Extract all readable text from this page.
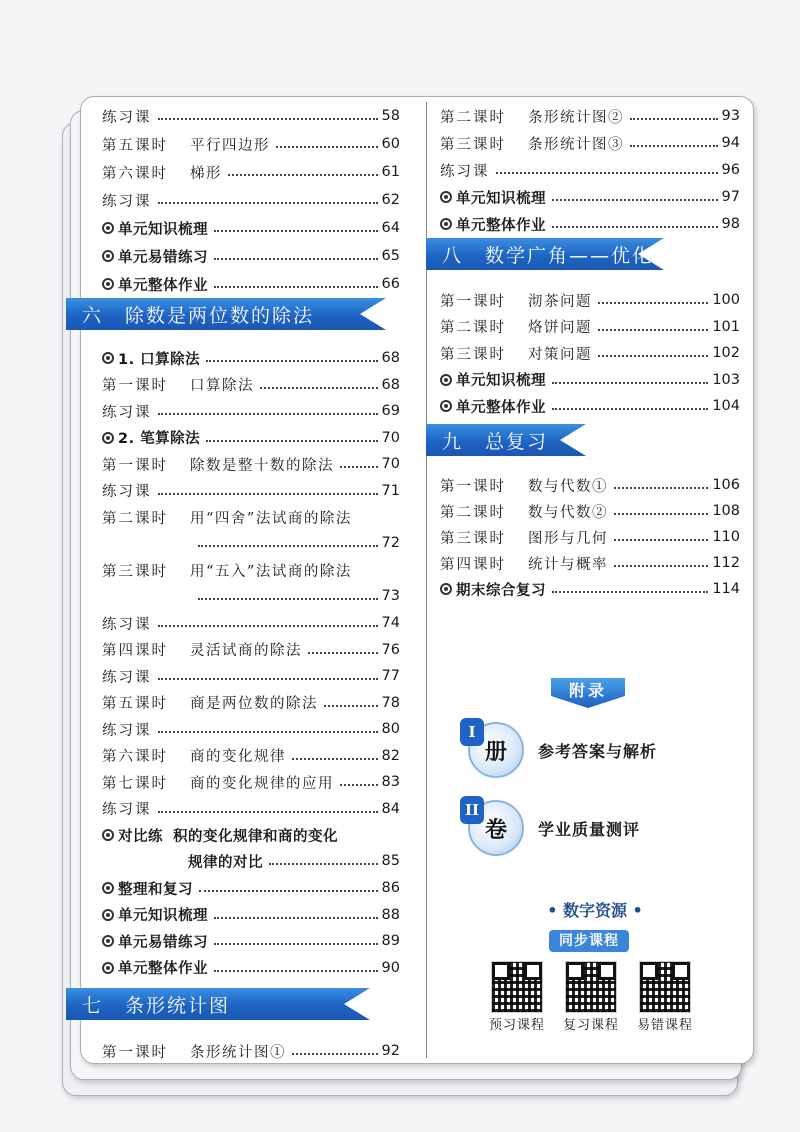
练习课	58
第五课时 平行四边形	60
第六课时 梯形	61
练习课	62
单元知识梳理	64
单元易错练习	65
单元整体作业	66
六 除数是两位数的除法
1. 口算除法	68
第一课时 口算除法	68
练习课	69
2. 笔算除法	70
第一课时 除数是整十数的除法	70
练习课	71
第二课时 用“四舍”法试商的除法
72
第三课时 用“五入”法试商的除法
73
练习课	74
第四课时 灵活试商的除法	76
练习课	77
第五课时 商是两位数的除法	78
练习课	80
第六课时 商的变化规律	82
第七课时 商的变化规律的应用	83
练习课	84
对比练 积的变化规律和商的变化
规律的对比	85
整理和复习	86
单元知识梳理	88
单元易错练习	89
单元整体作业	90
七 条形统计图
第一课时 条形统计图①	92
第二课时 条形统计图②	93
第三课时 条形统计图③	94
练习课	96
单元知识梳理	97
单元整体作业	98
八 数学广角——优化
第一课时 沏茶问题	100
第二课时 烙饼问题	101
第三课时 对策问题	102
单元知识梳理	103
单元整体作业	104
九 总复习
第一课时 数与代数①	106
第二课时 数与代数②	108
第三课时 图形与几何	110
第四课时 统计与概率	112
期末综合复习	114
附录
I
册 参考答案与解析
II
卷 学业质量测评
• 数字资源 •
同步课程
预习课程	复习课程	易错课程
